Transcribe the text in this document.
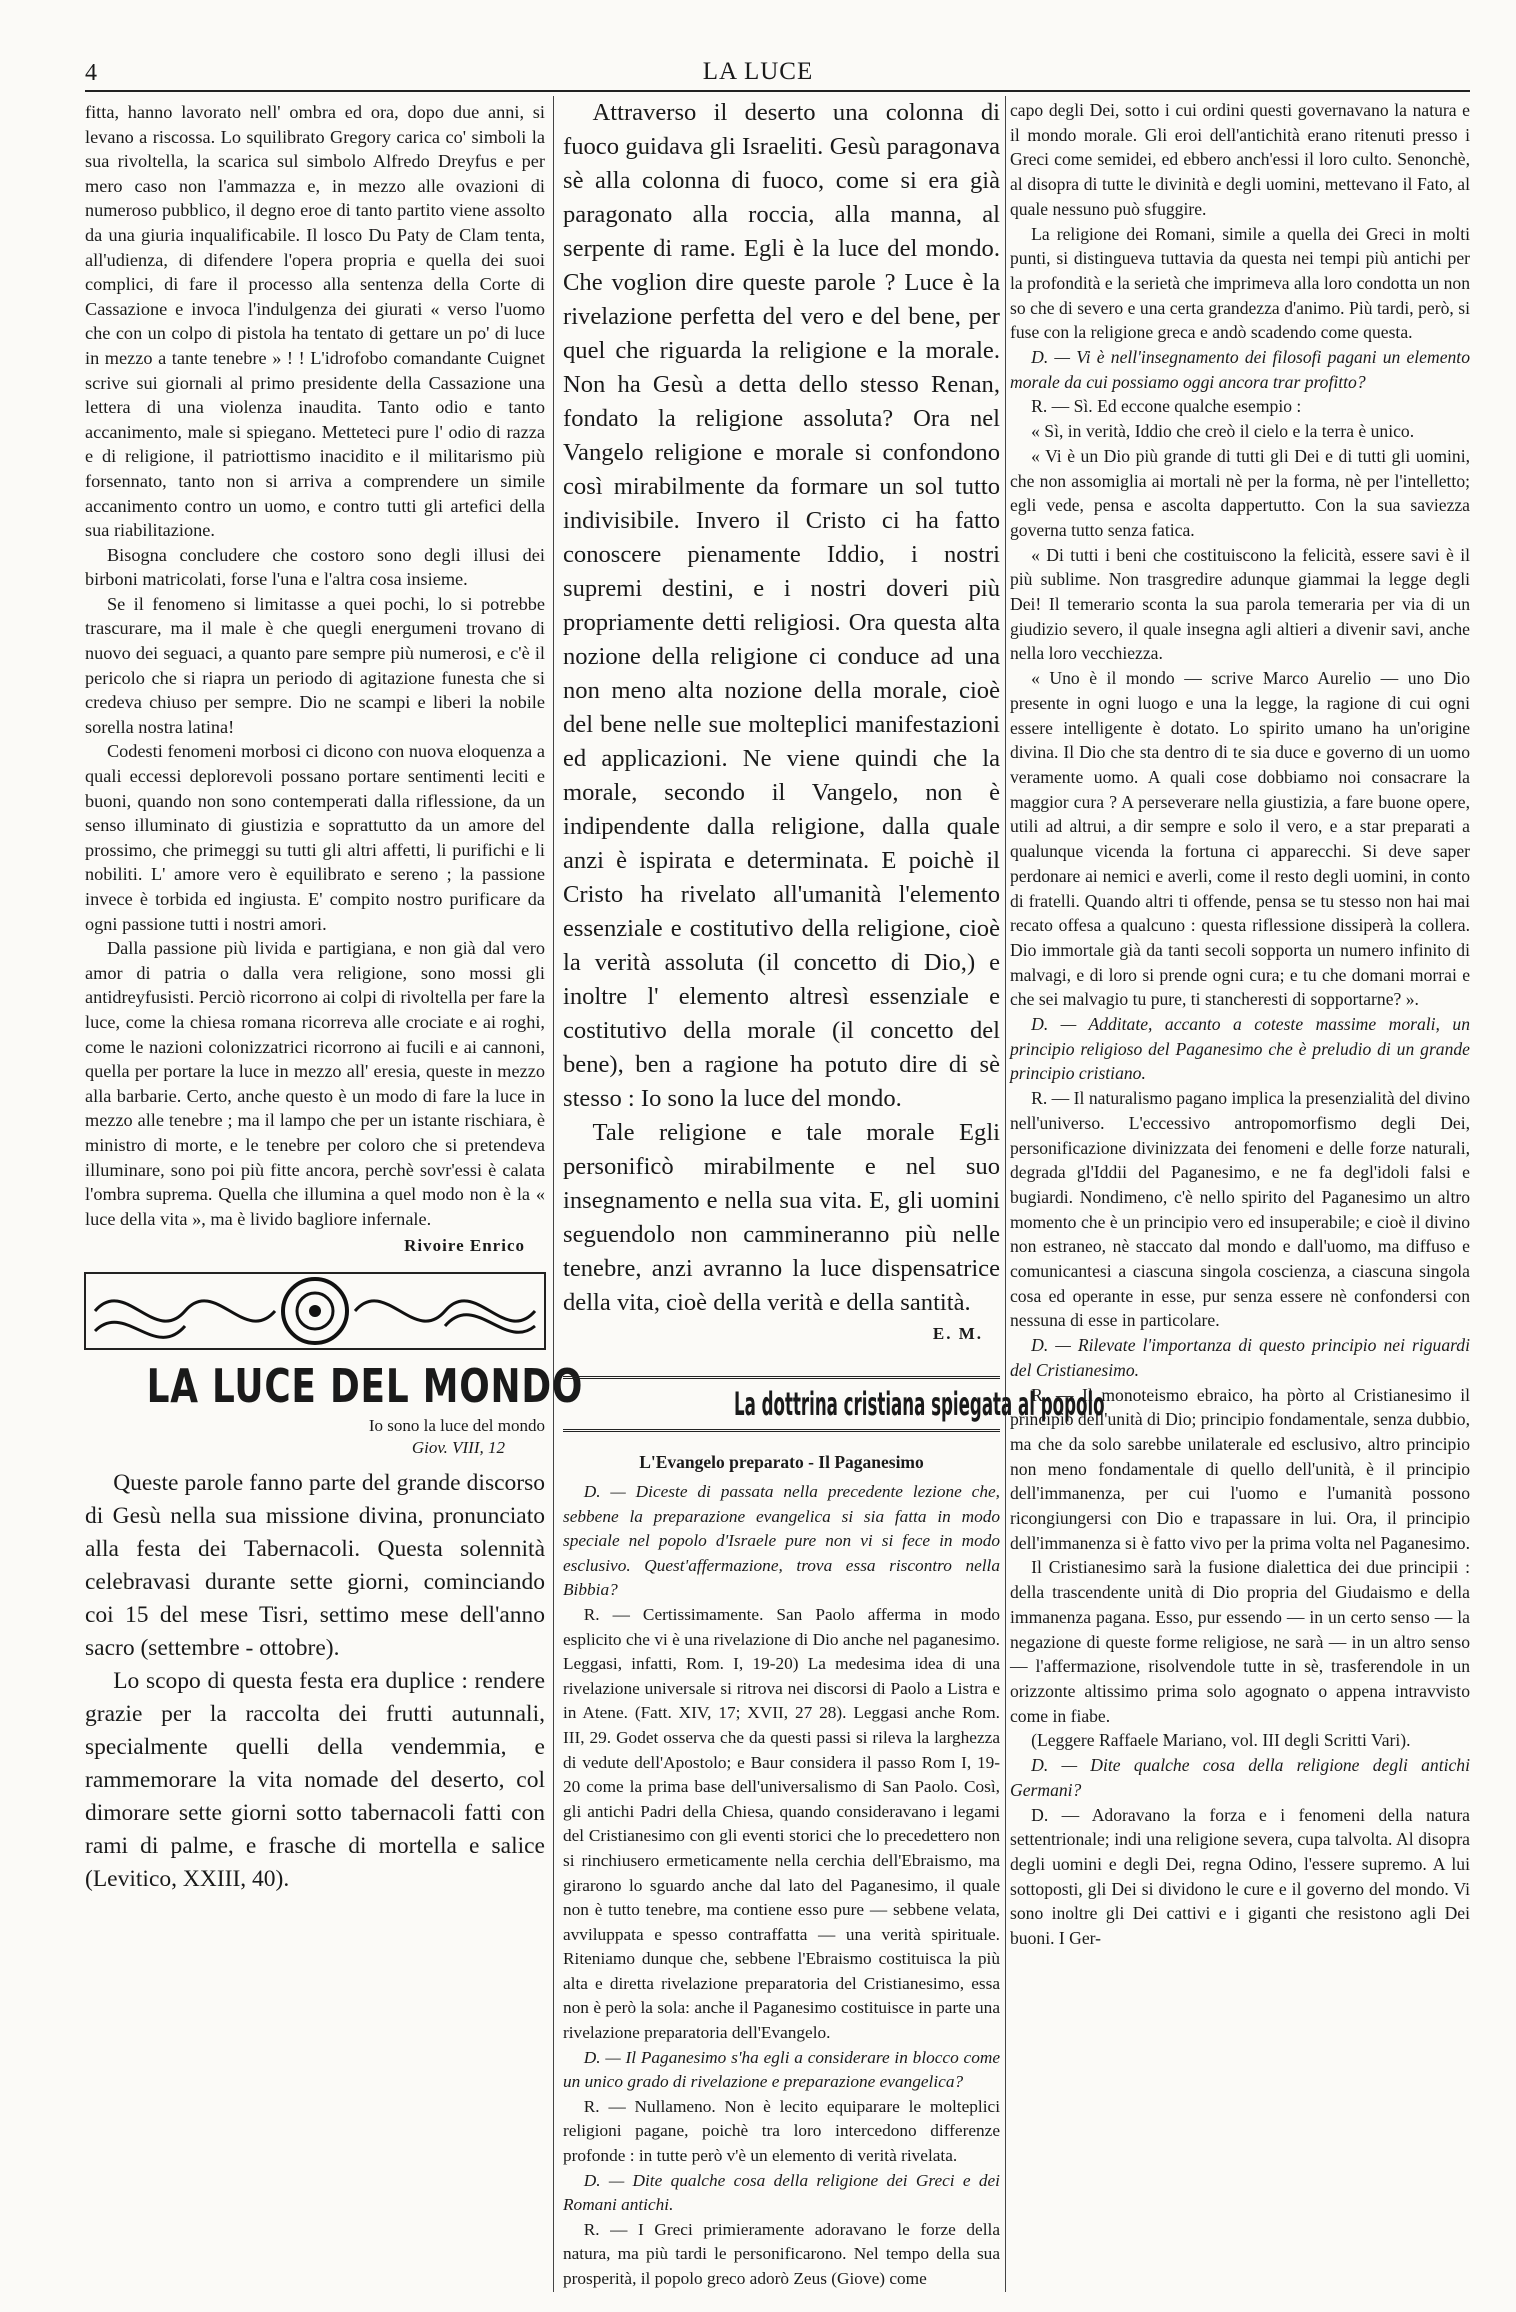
4	LA LUCE

fitta, hanno lavorato nell' ombra ed ora, dopo due anni, si levano a riscossa. Lo squilibrato Gregory carica co' simboli la sua rivoltella, la scarica sul simbolo Alfredo Dreyfus e per mero caso non l'ammazza e, in mezzo alle ovazioni di numeroso pubblico, il degno eroe di tanto partito viene assolto da una giuria inqualificabile. Il losco Du Paty de Clam tenta, all'udienza, di difendere l'opera propria e quella dei suoi complici, di fare il processo alla sentenza della Corte di Cassazione e invoca l'indulgenza dei giurati « verso l'uomo che con un colpo di pistola ha tentato di gettare un po' di luce in mezzo a tante tenebre » ! ! L'idrofobo comandante Cuignet scrive sui giornali al primo presidente della Cassazione una lettera di una violenza inaudita. Tanto odio e tanto accanimento, male si spiegano. Metteteci pure l' odio di razza e di religione, il patriottismo inacidito e il militarismo più forsennato, tanto non si arriva a comprendere un simile accanimento contro un uomo, e contro tutti gli artefici della sua riabilitazione.

Bisogna concludere che costoro sono degli illusi dei birboni matricolati, forse l'una e l'altra cosa insieme.

Se il fenomeno si limitasse a quei pochi, lo si potrebbe trascurare, ma il male è che quegli energumeni trovano di nuovo dei seguaci, a quanto pare sempre più numerosi, e c'è il pericolo che si riapra un periodo di agitazione funesta che si credeva chiuso per sempre. Dio ne scampi e liberi la nobile sorella nostra latina!

Codesti fenomeni morbosi ci dicono con nuova eloquenza a quali eccessi deplorevoli possano portare sentimenti leciti e buoni, quando non sono contemperati dalla riflessione, da un senso illuminato di giustizia e soprattutto da un amore del prossimo, che primeggi su tutti gli altri affetti, li purifichi e li nobiliti. L' amore vero è equilibrato e sereno ; la passione invece è torbida ed ingiusta. E' compito nostro purificare da ogni passione tutti i nostri amori.

Dalla passione più livida e partigiana, e non già dal vero amor di patria o dalla vera religione, sono mossi gli antidreyfusisti. Perciò ricorrono ai colpi di rivoltella per fare la luce, come la chiesa romana ricorreva alle crociate e ai roghi, come le nazioni colonizzatrici ricorrono ai fucili e ai cannoni, quella per portare la luce in mezzo all' eresia, queste in mezzo alla barbarie. Certo, anche questo è un modo di fare la luce in mezzo alle tenebre ; ma il lampo che per un istante rischiara, è ministro di morte, e le tenebre per coloro che si pretendeva illuminare, sono poi più fitte ancora, perchè sovr'essi è calata l'ombra suprema. Quella che illumina a quel modo non è la « luce della vita », ma è livido bagliore infernale.

Rivoire Enrico
LA LUCE DEL MONDO
Io sono la luce del mondo
Giov. VIII, 12

Queste parole fanno parte del grande discorso di Gesù nella sua missione divina, pronunciato alla festa dei Tabernacoli. Questa solennità celebravasi durante sette giorni, cominciando coi 15 del mese Tisri, settimo mese dell'anno sacro (settembre - ottobre).

Lo scopo di questa festa era duplice : rendere grazie per la raccolta dei frutti autunnali, specialmente quelli della vendemmia, e rammemorare la vita nomade del deserto, col dimorare sette giorni sotto tabernacoli fatti con rami di palme, e frasche di mortella e salice (Levitico, XXIII, 40).

Attraverso il deserto una colonna di fuoco guidava gli Israeliti. Gesù paragonava sè alla colonna di fuoco, come si era già paragonato alla roccia, alla manna, al serpente di rame. Egli è la luce del mondo. Che voglion dire queste parole ? Luce è la rivelazione perfetta del vero e del bene, per quel che riguarda la religione e la morale. Non ha Gesù a detta dello stesso Renan, fondato la religione assoluta? Ora nel Vangelo religione e morale si confondono così mirabilmente da formare un sol tutto indivisibile. Invero il Cristo ci ha fatto conoscere pienamente Iddio, i nostri supremi destini, e i nostri doveri più propriamente detti religiosi. Ora questa alta nozione della religione ci conduce ad una non meno alta nozione della morale, cioè del bene nelle sue molteplici manifestazioni ed applicazioni. Ne viene quindi che la morale, secondo il Vangelo, non è indipendente dalla religione, dalla quale anzi è ispirata e determinata. E poichè il Cristo ha rivelato all'umanità l'elemento essenziale e costitutivo della religione, cioè la verità assoluta (il concetto di Dio,) e inoltre l' elemento altresì essenziale e costitutivo della morale (il concetto del bene), ben a ragione ha potuto dire di sè stesso : Io sono la luce del mondo.

Tale religione e tale morale Egli personificò mirabilmente e nel suo insegnamento e nella sua vita. E, gli uomini seguendolo non cammineranno più nelle tenebre, anzi avranno la luce dispensatrice della vita, cioè della verità e della santità.

E. M.
La dottrina cristiana spiegata al popolo
L'Evangelo preparato - Il Paganesimo

D. — Diceste di passata nella precedente lezione che, sebbene la preparazione evangelica si sia fatta in modo speciale nel popolo d'Israele pure non vi si fece in modo esclusivo. Quest'affermazione, trova essa riscontro nella Bibbia?

R. — Certissimamente. San Paolo afferma in modo esplicito che vi è una rivelazione di Dio anche nel paganesimo. Leggasi, infatti, Rom. I, 19-20) La medesima idea di una rivelazione universale si ritrova nei discorsi di Paolo a Listra e in Atene. (Fatt. XIV, 17; XVII, 27 28). Leggasi anche Rom. III, 29. Godet osserva che da questi passi si rileva la larghezza di vedute dell'Apostolo; e Baur considera il passo Rom I, 19-20 come la prima base dell'universalismo di San Paolo. Così, gli antichi Padri della Chiesa, quando consideravano i legami del Cristianesimo con gli eventi storici che lo precedettero non si rinchiusero ermeticamente nella cerchia dell'Ebraismo, ma girarono lo sguardo anche dal lato del Paganesimo, il quale non è tutto tenebre, ma contiene esso pure — sebbene velata, avviluppata e spesso contraffatta — una verità spirituale. Riteniamo dunque che, sebbene l'Ebraismo costituisca la più alta e diretta rivelazione preparatoria del Cristianesimo, essa non è però la sola: anche il Paganesimo costituisce in parte una rivelazione preparatoria dell'Evangelo.

D. — Il Paganesimo s'ha egli a considerare in blocco come un unico grado di rivelazione e preparazione evangelica?

R. — Nullameno. Non è lecito equiparare le molteplici religioni pagane, poichè tra loro intercedono differenze profonde : in tutte però v'è un elemento di verità rivelata.

D. — Dite qualche cosa della religione dei Greci e dei Romani antichi.

R. — I Greci primieramente adoravano le forze della natura, ma più tardi le personificarono. Nel tempo della sua prosperità, il popolo greco adorò Zeus (Giove) come

capo degli Dei, sotto i cui ordini questi governavano la natura e il mondo morale. Gli eroi dell'antichità erano ritenuti presso i Greci come semidei, ed ebbero anch'essi il loro culto. Senonchè, al disopra di tutte le divinità e degli uomini, mettevano il Fato, al quale nessuno può sfuggire.

La religione dei Romani, simile a quella dei Greci in molti punti, si distingueva tuttavia da questa nei tempi più antichi per la profondità e la serietà che imprimeva alla loro condotta un non so che di severo e una certa grandezza d'animo. Più tardi, però, si fuse con la religione greca e andò scadendo come questa.

D. — Vi è nell'insegnamento dei filosofi pagani un elemento morale da cui possiamo oggi ancora trar profitto?

R. — Sì. Ed eccone qualche esempio :

« Sì, in verità, Iddio che creò il cielo e la terra è unico.

« Vi è un Dio più grande di tutti gli Dei e di tutti gli uomini, che non assomiglia ai mortali nè per la forma, nè per l'intelletto; egli vede, pensa e ascolta dappertutto. Con la sua saviezza governa tutto senza fatica.

« Di tutti i beni che costituiscono la felicità, essere savi è il più sublime. Non trasgredire adunque giammai la legge degli Dei! Il temerario sconta la sua parola temeraria per via di un giudizio severo, il quale insegna agli altieri a divenir savi, anche nella loro vecchiezza.

« Uno è il mondo — scrive Marco Aurelio — uno Dio presente in ogni luogo e una la legge, la ragione di cui ogni essere intelligente è dotato. Lo spirito umano ha un'origine divina. Il Dio che sta dentro di te sia duce e governo di un uomo veramente uomo. A quali cose dobbiamo noi consacrare la maggior cura ? A perseverare nella giustizia, a fare buone opere, utili ad altrui, a dir sempre e solo il vero, e a star preparati a qualunque vicenda la fortuna ci apparecchi. Si deve saper perdonare ai nemici e averli, come il resto degli uomini, in conto di fratelli. Quando altri ti offende, pensa se tu stesso non hai mai recato offesa a qualcuno : questa riflessione dissiperà la collera. Dio immortale già da tanti secoli sopporta un numero infinito di malvagi, e di loro si prende ogni cura; e tu che domani morrai e che sei malvagio tu pure, ti stancheresti di sopportarne? ».

D. — Additate, accanto a coteste massime morali, un principio religioso del Paganesimo che è preludio di un grande principio cristiano.

R. — Il naturalismo pagano implica la presenzialità del divino nell'universo. L'eccessivo antropomorfismo degli Dei, personificazione divinizzata dei fenomeni e delle forze naturali, degrada gl'Iddii del Paganesimo, e ne fa degl'idoli falsi e bugiardi. Nondimeno, c'è nello spirito del Paganesimo un altro momento che è un principio vero ed insuperabile; e cioè il divino non estraneo, nè staccato dal mondo e dall'uomo, ma diffuso e comunicantesi a ciascuna singola coscienza, a ciascuna singola cosa ed operante in esse, pur senza essere nè confondersi con nessuna di esse in particolare.

D. — Rilevate l'importanza di questo principio nei riguardi del Cristianesimo.

R. — Il monoteismo ebraico, ha pòrto al Cristianesimo il principio dell'unità di Dio; principio fondamentale, senza dubbio, ma che da solo sarebbe unilaterale ed esclusivo, altro principio non meno fondamentale di quello dell'unità, è il principio dell'immanenza, per cui l'uomo e l'umanità possono ricongiungersi con Dio e trapassare in lui. Ora, il principio dell'immanenza si è fatto vivo per la prima volta nel Paganesimo.

Il Cristianesimo sarà la fusione dialettica dei due principii : della trascendente unità di Dio propria del Giudaismo e della immanenza pagana. Esso, pur essendo — in un certo senso — la negazione di queste forme religiose, ne sarà — in un altro senso — l'affermazione, risolvendole tutte in sè, trasferendole in un orizzonte altissimo prima solo agognato o appena intravvisto come in fiabe.

(Leggere Raffaele Mariano, vol. III degli Scritti Vari).

D. — Dite qualche cosa della religione degli antichi Germani?

D. — Adoravano la forza e i fenomeni della natura settentrionale; indi una religione severa, cupa talvolta. Al disopra degli uomini e degli Dei, regna Odino, l'essere supremo. A lui sottoposti, gli Dei si dividono le cure e il governo del mondo. Vi sono inoltre gli Dei cattivi e i giganti che resistono agli Dei buoni. I Ger-
